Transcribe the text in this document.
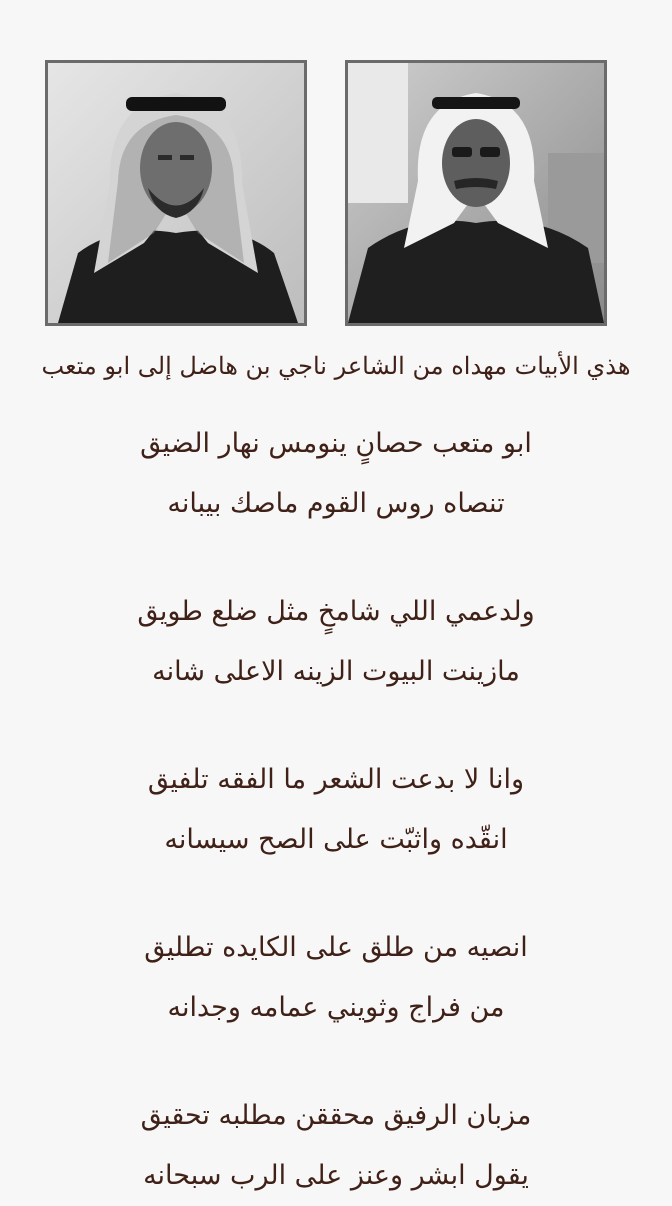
هذي الأبيات مهداه من الشاعر ناجي بن هاضل إلى ابو متعب
ابو متعب حصانٍ ينومس نهار الضيق
تنصاه روس القوم ماصك بيبانه
ولدعمي اللي شامخٍ مثل ضلع طويق
مازينت البيوت الزينه الاعلى شانه
وانا لا بدعت الشعر ما الفقه تلفيق
انقّده واثبّت على الصح سيسانه
انصيه من طلق على الكايده تطليق
من فراج وثويني عمامه وجدانه
مزبان الرفيق محققن مطلبه تحقيق
يقول ابشر وعنز على الرب سبحانه
